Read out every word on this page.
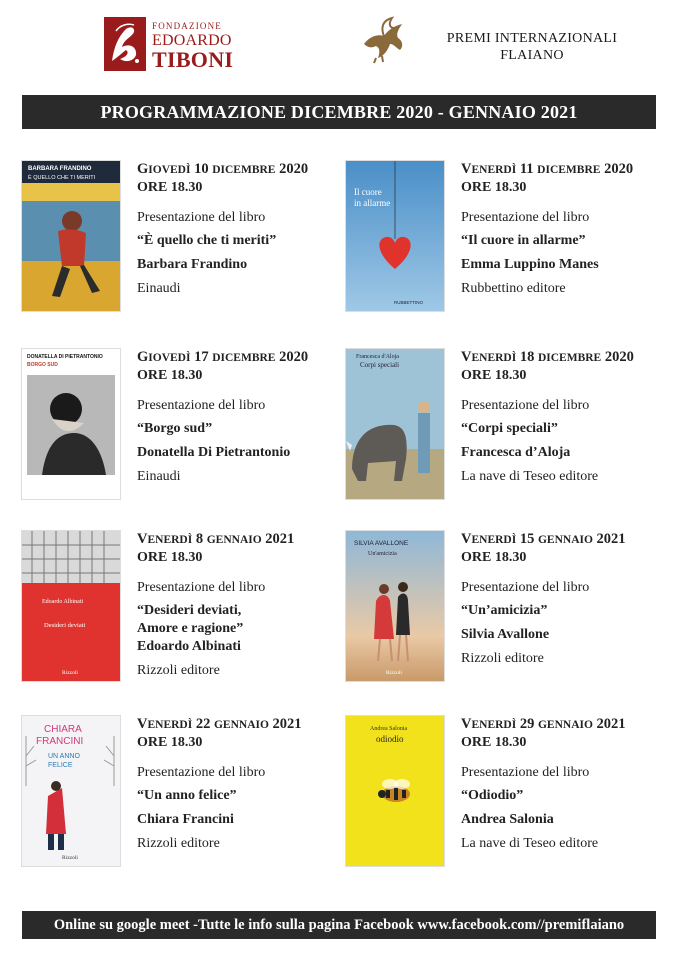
FONDAZIONE
EDOARDO
TIBONI
PREMI INTERNAZIONALI
FLAIANO
PROGRAMMAZIONE DICEMBRE 2020 - GENNAIO 2021
BARBARA FRANDINO
È QUELLO CHE TI MERITI
GIOVEDÌ 10 DICEMBRE 2020
ORE 18.30
Presentazione del libro
“È quello che ti meriti”
Barbara Frandino
Einaudi
Il cuore
in allarme
RUBBETTINO
VENERDÌ 11 DICEMBRE 2020
ORE 18.30
Presentazione del libro
“Il cuore in allarme”
Emma Luppino Manes
Rubbettino editore
DONATELLA DI PIETRANTONIO
BORGO SUD	GIOVEDÌ 17 DICEMBRE 2020
ORE 18.30
Presentazione del libro
“Borgo sud”
Donatella Di Pietrantonio
Einaudi
Francesca d'Aloja
Corpi speciali	VENERDÌ 18 DICEMBRE 2020
ORE 18.30
Presentazione del libro
“Corpi speciali”
Francesca d’Aloja
La nave di Teseo editore
Edoardo Albinati
Desideri deviati
Rizzoli
VENERDÌ 8 GENNAIO 2021
ORE 18.30
Presentazione del libro
“Desideri deviati,
Amore e ragione”
Edoardo Albinati
Rizzoli editore
SILVIA AVALLONE
Un'amicizia
Rizzoli
VENERDÌ 15 GENNAIO 2021
ORE 18.30
Presentazione del libro
“Un’amicizia”
Silvia Avallone
Rizzoli editore
CHIARA
FRANCINI
UN ANNO
FELICE
Rizzoli
VENERDÌ 22 GENNAIO 2021
ORE 18.30
Presentazione del libro
“Un anno felice”
Chiara Francini
Rizzoli editore
Andrea Salonia
odiodio
VENERDÌ 29 GENNAIO 2021
ORE 18.30
Presentazione del libro
“Odiodio”
Andrea Salonia
La nave di Teseo editore
Online su google meet -Tutte le info sulla pagina Facebook www.facebook.com//premiflaiano
